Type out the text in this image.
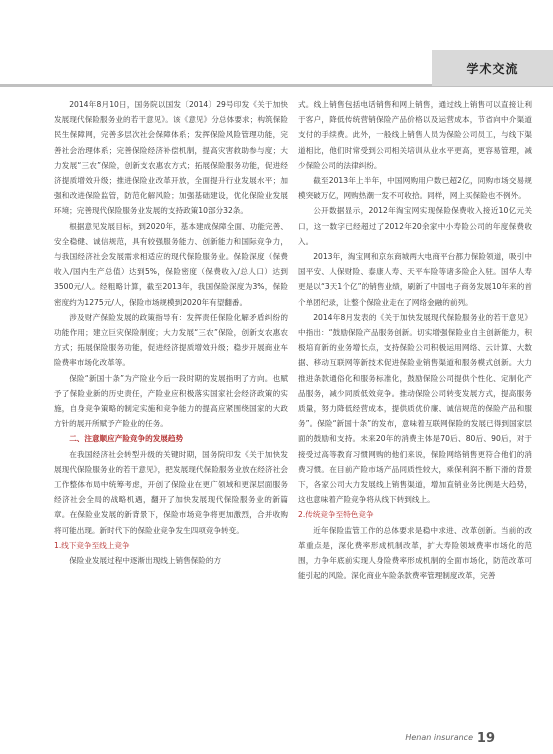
学术交流

2014年8月10日，国务院以国发〔2014〕29号印发《关于加快发展现代保险服务业的若干意见》。该《意见》分总体要求；构筑保险民生保障网，完善多层次社会保障体系；发挥保险风险管理功能，完善社会治理体系；完善保险经济补偿机制，提高灾害救助参与度；大力发展“三农”保险，创新支农惠农方式；拓展保险服务功能，促进经济提质增效升级；推进保险业改革开放，全面提升行业发展水平；加强和改进保险监管，防范化解风险；加强基础建设，优化保险业发展环境；完善现代保险服务业发展的支持政策10部分32条。

根据意见发展目标，到2020年，基本建成保障全面、功能完善、安全稳健、诚信规范，具有较强服务能力、创新能力和国际竞争力，与我国经济社会发展需求相适应的现代保险服务业。保险深度（保费收入/国内生产总值）达到5%，保险密度（保费收入/总人口）达到3500元/人。经粗略计算，截至2013年，我国保险深度为3%，保险密度约为1275元/人，保险市场规模到2020年有望翻番。

涉及财产保险发展的政策指导有：发挥责任保险化解矛盾纠纷的功能作用；建立巨灾保险制度；大力发展“三农”保险，创新支农惠农方式；拓展保险服务功能，促进经济提质增效升级；稳步开展商业车险费率市场化改革等。

保险“新国十条”为产险业今后一段时期的发展指明了方向。也赋予了保险业新的历史责任，产险业应积极落实国家社会经济政策的实施，自身竞争策略的制定实施和竞争能力的提高应紧围绕国家的大政方针的展开所赋予产险业的任务。

二、注意顺应产险竞争的发展趋势

在我国经济社会转型升级的关键时期，国务院印发《关于加快发展现代保险服务业的若干意见》，把发展现代保险服务业放在经济社会工作整体布局中统筹考虑，开创了保险业在更广领域和更深层面服务经济社会全局的战略机遇，翻开了加快发展现代保险服务业的新篇章。在保险业发展的新背景下，保险市场竞争将更加激烈，合并收购将可能出现。新时代下的保险业竞争发生四项竞争转变。

1.线下竞争至线上竞争

保险业发展过程中逐渐出现线上销售保险的方

式。线上销售包括电话销售和网上销售，通过线上销售可以直接让利于客户，降低传统营销保险产品价格以及运营成本，节省向中介渠道支付的手续费。此外，一般线上销售人员为保险公司员工，与线下渠道相比，他们时常受到公司相关培训从业水平更高，更容易管理，减少保险公司的法律纠纷。

截至2013年上半年，中国网购用户数已超2亿，同购市场交易规模突破万亿，网购热潮一发不可收拾。同样，网上买保险也不例外。

公开数据显示，2012年淘宝网实现保险保费收入接近10亿元关口，这一数字已经超过了2012年20余家中小寿险公司的年度保费收入。

2013年，淘宝网和京东商城两大电商平台都力保险领道，吸引中国平安、人保财险、泰康人寿、天平车险等诸多险企入驻。国华人寿更是以“3天1个亿”的销售业绩，刷新了中国电子商务发展10年来的首个单团纪录，让整个保险业走在了网络金融的前列。

2014年8月发表的《关于加快发展现代保险服务业的若干意见》中指出：“鼓励保险产品服务创新。切实增强保险业自主创新能力，积极培育新的业务增长点，支持保险公司积极运用网络、云计算、大数据、移动互联网等新技术促进保险业销售渠道和服务模式创新。大力推进条款通俗化和服务标准化，鼓励保险公司提供个性化、定制化产品服务，减少同质低效竞争。推动保险公司转变发展方式，提高服务质量，努力降低经营成本，提供质优价廉、诚信规范的保险产品和服务”。保险“新国十条”的发布，意味着互联网保险的发展已得到国家层面的鼓励和支持。未来20年的消费主体是70后、80后、90后，对于接受过高等教育习惯网购的他们来说，保险网络销售更符合他们的消费习惯。在目前产险市场产品同质性较大，乘保利润不断下滑的背景下，各家公司大力发展线上销售渠道，增加直销业务比例是大趋势，这也意味着产险竞争将从线下转到线上。

2.传统竞争至特色竞争

近年保险监管工作的总体要求是稳中求进、改革创新。当前的改革重点是，深化费率形成机制改革，扩大寿险领域费率市场化的范围，力争年底前实现人身险费率形成机制的全面市场化，防范改革可能引起的风险。深化商业车险条款费率管理制度改革，完善

Henan insurance 19
